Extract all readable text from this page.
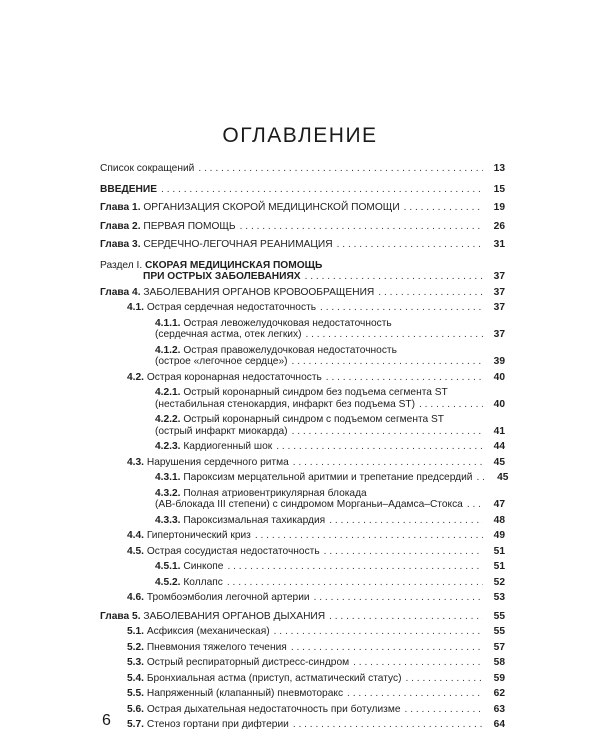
ОГЛАВЛЕНИЕ
Список сокращений . . .	13
ВВЕДЕНИЕ . . .	15
Глава 1. ОРГАНИЗАЦИЯ СКОРОЙ МЕДИЦИНСКОЙ ПОМОЩИ . . .	19
Глава 2. ПЕРВАЯ ПОМОЩЬ . . .	26
Глава 3. СЕРДЕЧНО-ЛЕГОЧНАЯ РЕАНИМАЦИЯ . . .	31
Раздел I. СКОРАЯ МЕДИЦИНСКАЯ ПОМОЩЬ
ПРИ ОСТРЫХ ЗАБОЛЕВАНИЯХ . . .	37
Глава 4. ЗАБОЛЕВАНИЯ ОРГАНОВ КРОВООБРАЩЕНИЯ . . .	37
4.1. Острая сердечная недостаточность . . .	37
4.1.1. Острая левожелудочковая недостаточность
(сердечная астма, отек легких) . . .	37
4.1.2. Острая правожелудочковая недостаточность
(острое «легочное сердце») . . .	39
4.2. Острая коронарная недостаточность . . .	40
4.2.1. Острый коронарный синдром без подъема сегмента ST
(нестабильная стенокардия, инфаркт без подъема ST) . . .	40
4.2.2. Острый коронарный синдром с подъемом сегмента ST
(острый инфаркт миокарда) . . .	41
4.2.3. Кардиогенный шок . . .	44
4.3. Нарушения сердечного ритма . . .	45
4.3.1. Пароксизм мерцательной аритмии и трепетание предсердий . . .	45
4.3.2. Полная атриовентрикулярная блокада
(АВ-блокада III степени) с синдромом Морганьи–Адамса–Стокса . . .	47
4.3.3. Пароксизмальная тахикардия . . .	48
4.4. Гипертонический криз . . .	49
4.5. Острая сосудистая недостаточность . . .	51
4.5.1. Синкопе . . .	51
4.5.2. Коллапс . . .	52
4.6. Тромбоэмболия легочной артерии . . .	53
Глава 5. ЗАБОЛЕВАНИЯ ОРГАНОВ ДЫХАНИЯ . . .	55
5.1. Асфиксия (механическая) . . .	55
5.2. Пневмония тяжелого течения . . .	57
5.3. Острый респираторный дистресс-синдром . . .	58
5.4. Бронхиальная астма (приступ, астматический статус) . . .	59
5.5. Напряженный (клапанный) пневмоторакс . . .	62
5.6. Острая дыхательная недостаточность при ботулизме . . .	63
5.7. Стеноз гортани при дифтерии . . .	64
6
